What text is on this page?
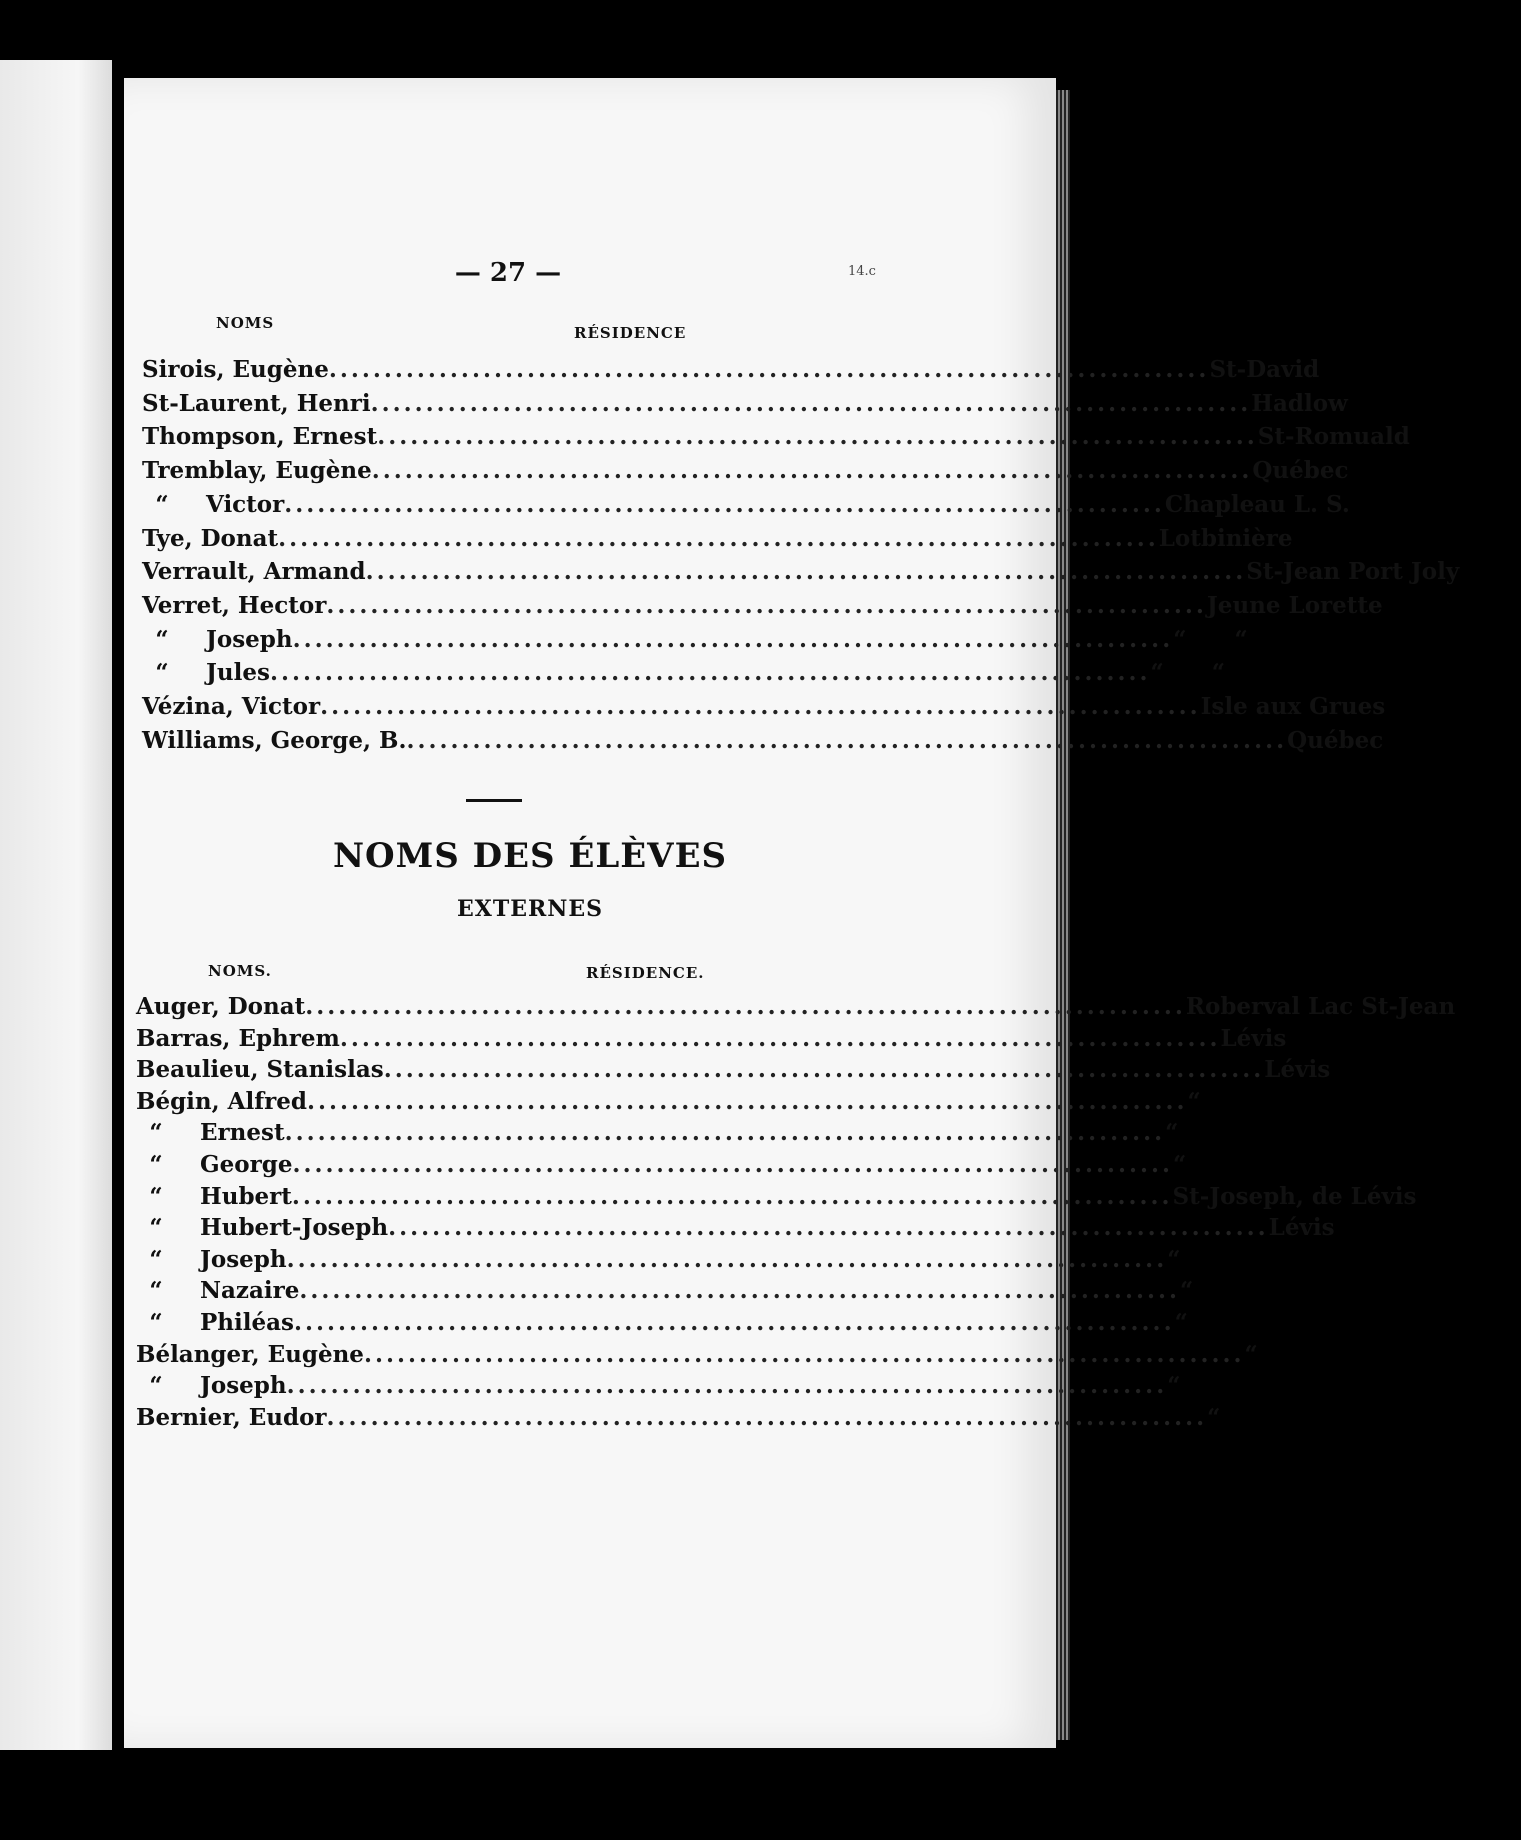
— 27 —	14.c
NOMS
RÉSIDENCE
Sirois, Eugène ................................................................................ St-David
St-Laurent, Henri ................................................................................ Hadlow
Thompson, Ernest ................................................................................ St-Romuald
Tremblay, Eugène ................................................................................ Québec
“ Victor ................................................................................ Chapleau L. S.
Tye, Donat ................................................................................ Lotbinière
Verrault, Armand ................................................................................ St-Jean Port Joly
Verret, Hector ................................................................................ Jeune Lorette
“ Joseph ................................................................................ “      “
“ Jules ................................................................................ “      “
Vézina, Victor ................................................................................ Isle aux Grues
Williams, George, B. ................................................................................ Québec
NOMS DES ÉLÈVES
EXTERNES
NOMS.	RÉSIDENCE.
Auger, Donat ................................................................................ Roberval Lac St-Jean
Barras, Ephrem ................................................................................ Lévis
Beaulieu, Stanislas ................................................................................ Lévis
Bégin, Alfred ................................................................................ “
“ Ernest ................................................................................ “
“ George ................................................................................ “
“ Hubert ................................................................................ St-Joseph, de Lévis
“ Hubert-Joseph ................................................................................ Lévis
“ Joseph ................................................................................ “
“ Nazaire ................................................................................ “
“ Philéas ................................................................................ “
Bélanger, Eugène ................................................................................ “
“ Joseph ................................................................................ “
Bernier, Eudor ................................................................................ “
